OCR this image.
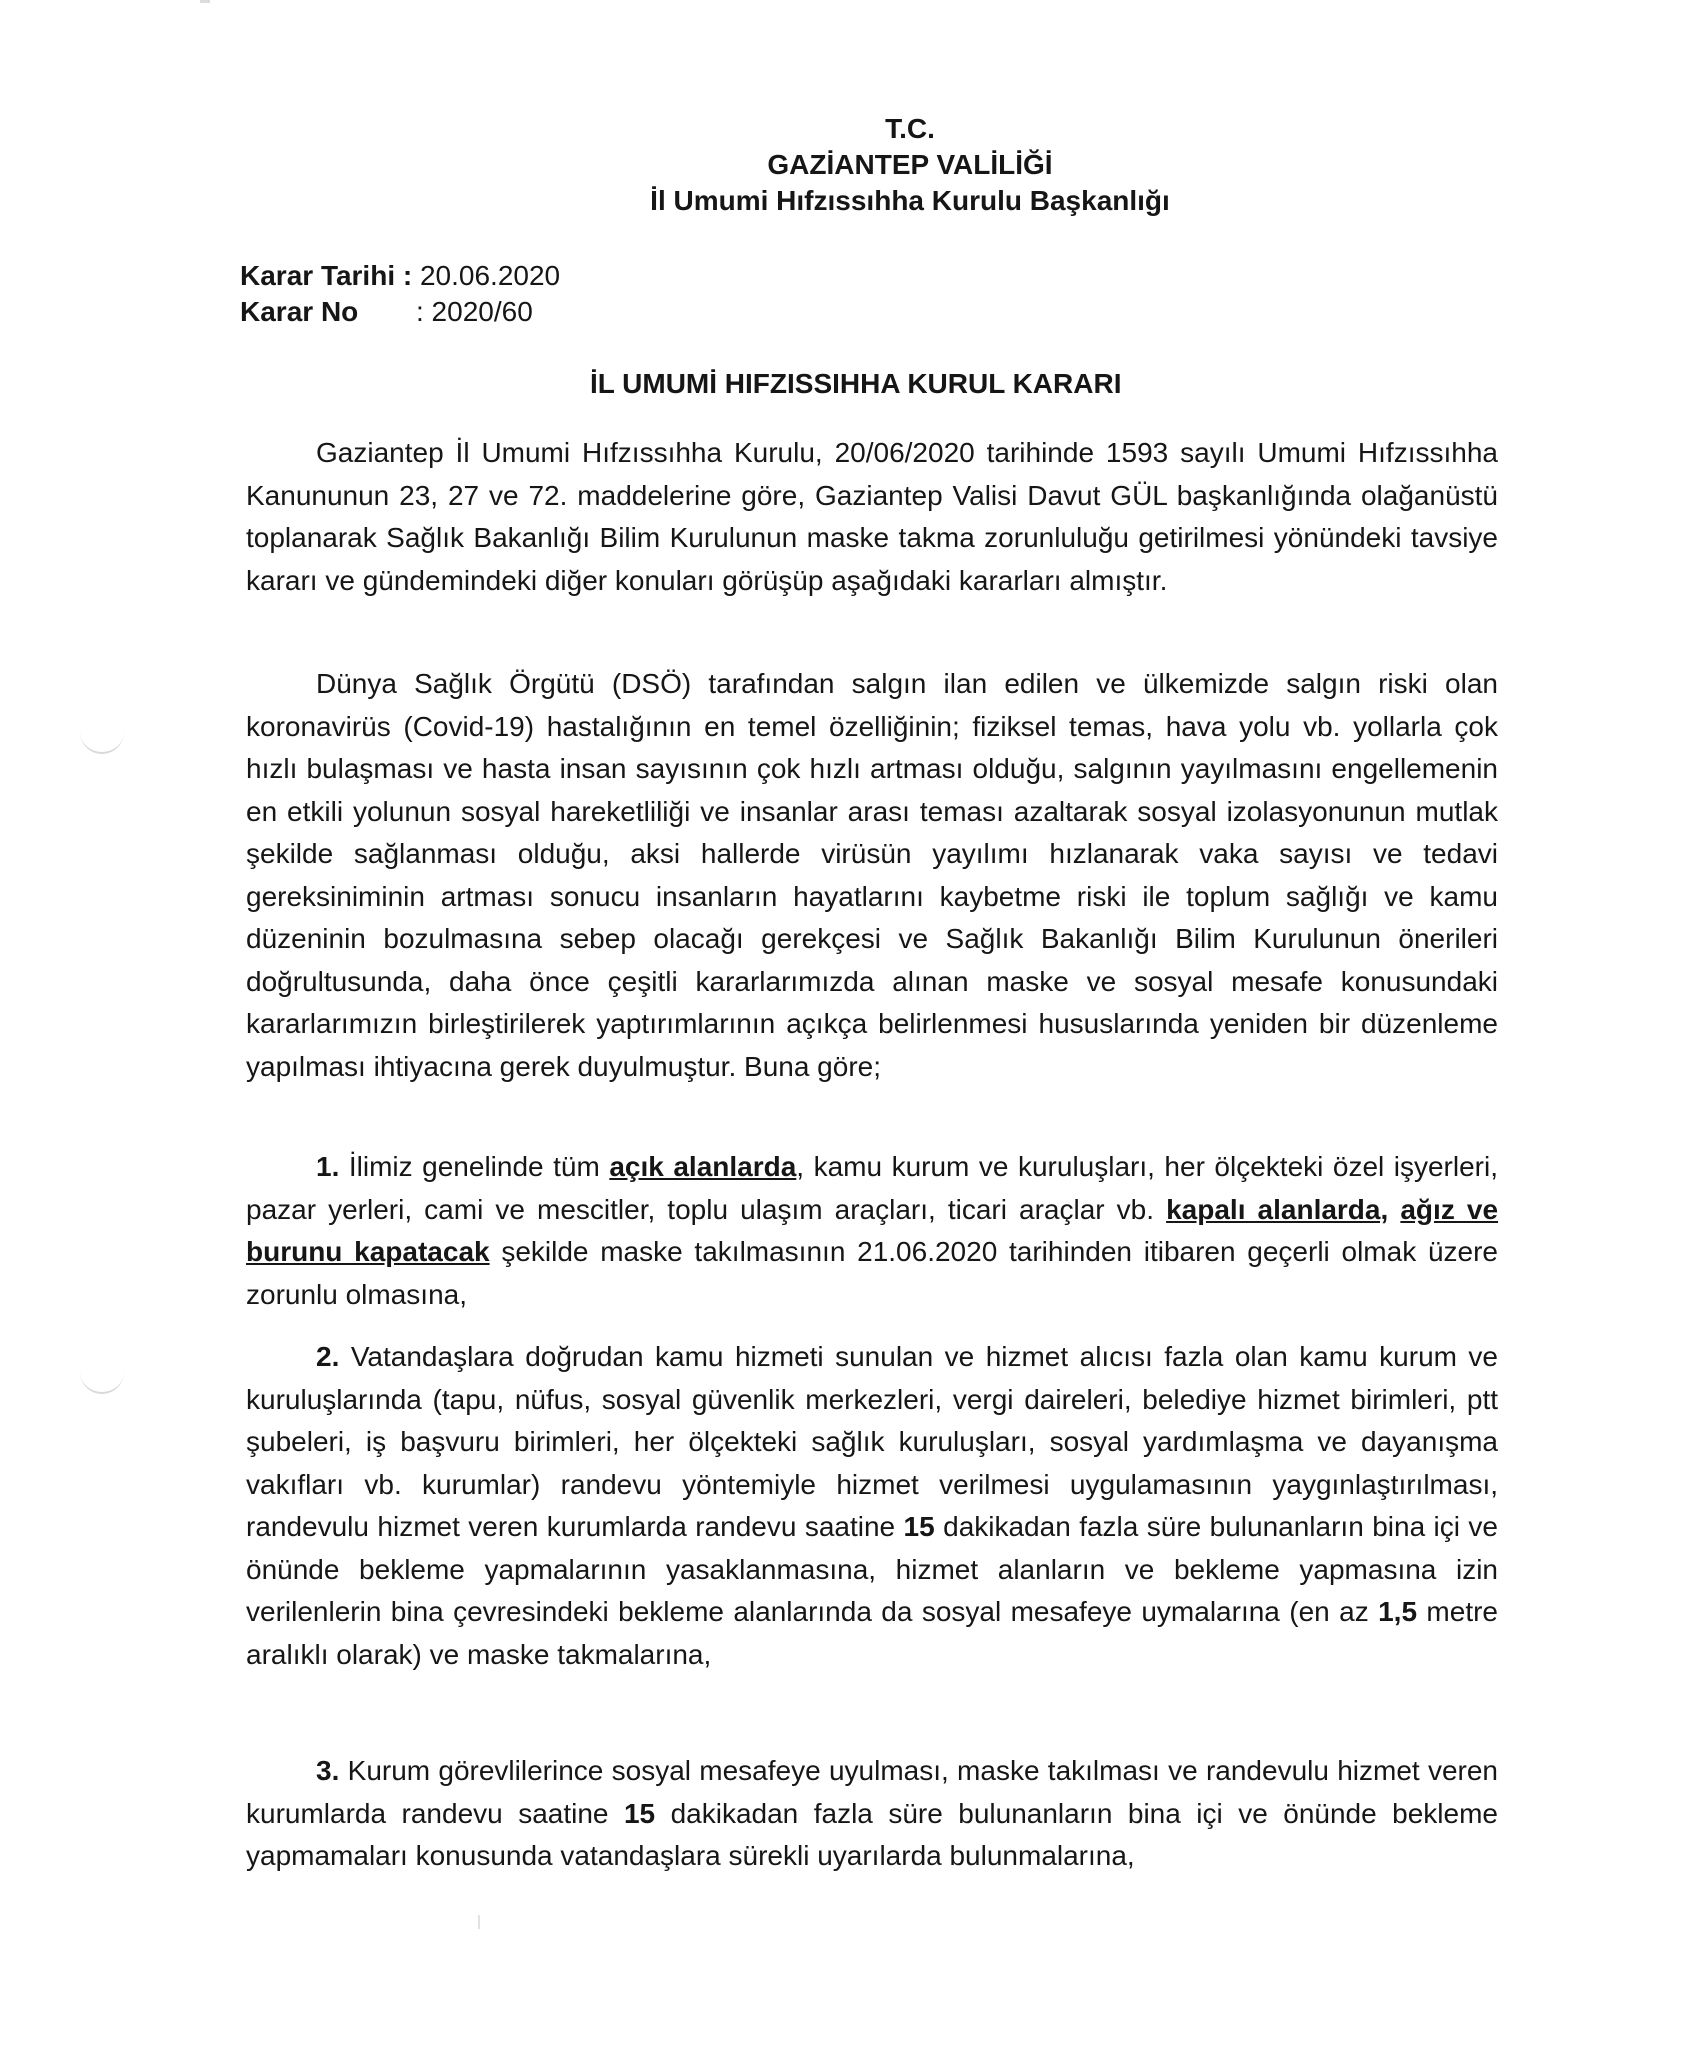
T.C.
GAZİANTEP VALİLİĞİ
İl Umumi Hıfzıssıhha Kurulu Başkanlığı
Karar Tarihi : 20.06.2020
Karar No	: 2020/60
İL UMUMİ HIFZISSIHHA KURUL KARARI
Gaziantep İl Umumi Hıfzıssıhha Kurulu, 20/06/2020 tarihinde 1593 sayılı Umumi Hıfzıssıhha Kanununun 23, 27 ve 72. maddelerine göre, Gaziantep Valisi Davut GÜL başkanlığında olağanüstü toplanarak Sağlık Bakanlığı Bilim Kurulunun maske takma zorunluluğu getirilmesi yönündeki tavsiye kararı ve gündemindeki diğer konuları görüşüp aşağıdaki kararları almıştır.
Dünya Sağlık Örgütü (DSÖ) tarafından salgın ilan edilen ve ülkemizde salgın riski olan koronavirüs (Covid-19) hastalığının en temel özelliğinin; fiziksel temas, hava yolu vb. yollarla çok hızlı bulaşması ve hasta insan sayısının çok hızlı artması olduğu, salgının yayılmasını engellemenin en etkili yolunun sosyal hareketliliği ve insanlar arası teması azaltarak sosyal izolasyonunun mutlak şekilde sağlanması olduğu, aksi hallerde virüsün yayılımı hızlanarak vaka sayısı ve tedavi gereksiniminin artması sonucu insanların hayatlarını kaybetme riski ile toplum sağlığı ve kamu düzeninin bozulmasına sebep olacağı gerekçesi ve Sağlık Bakanlığı Bilim Kurulunun önerileri doğrultusunda, daha önce çeşitli kararlarımızda alınan maske ve sosyal mesafe konusundaki kararlarımızın birleştirilerek yaptırımlarının açıkça belirlenmesi hususlarında yeniden bir düzenleme yapılması ihtiyacına gerek duyulmuştur. Buna göre;
1. İlimiz genelinde tüm açık alanlarda, kamu kurum ve kuruluşları, her ölçekteki özel işyerleri, pazar yerleri, cami ve mescitler, toplu ulaşım araçları, ticari araçlar vb. kapalı alanlarda, ağız ve burunu kapatacak şekilde maske takılmasının 21.06.2020 tarihinden itibaren geçerli olmak üzere zorunlu olmasına,
2. Vatandaşlara doğrudan kamu hizmeti sunulan ve hizmet alıcısı fazla olan kamu kurum ve kuruluşlarında (tapu, nüfus, sosyal güvenlik merkezleri, vergi daireleri, belediye hizmet birimleri, ptt şubeleri, iş başvuru birimleri, her ölçekteki sağlık kuruluşları, sosyal yardımlaşma ve dayanışma vakıfları vb. kurumlar) randevu yöntemiyle hizmet verilmesi uygulamasının yaygınlaştırılması, randevulu hizmet veren kurumlarda randevu saatine 15 dakikadan fazla süre bulunanların bina içi ve önünde bekleme yapmalarının yasaklanmasına, hizmet alanların ve bekleme yapmasına izin verilenlerin bina çevresindeki bekleme alanlarında da sosyal mesafeye uymalarına (en az 1,5 metre aralıklı olarak) ve maske takmalarına,
3. Kurum görevlilerince sosyal mesafeye uyulması, maske takılması ve randevulu hizmet veren kurumlarda randevu saatine 15 dakikadan fazla süre bulunanların bina içi ve önünde bekleme yapmamaları konusunda vatandaşlara sürekli uyarılarda bulunmalarına,
